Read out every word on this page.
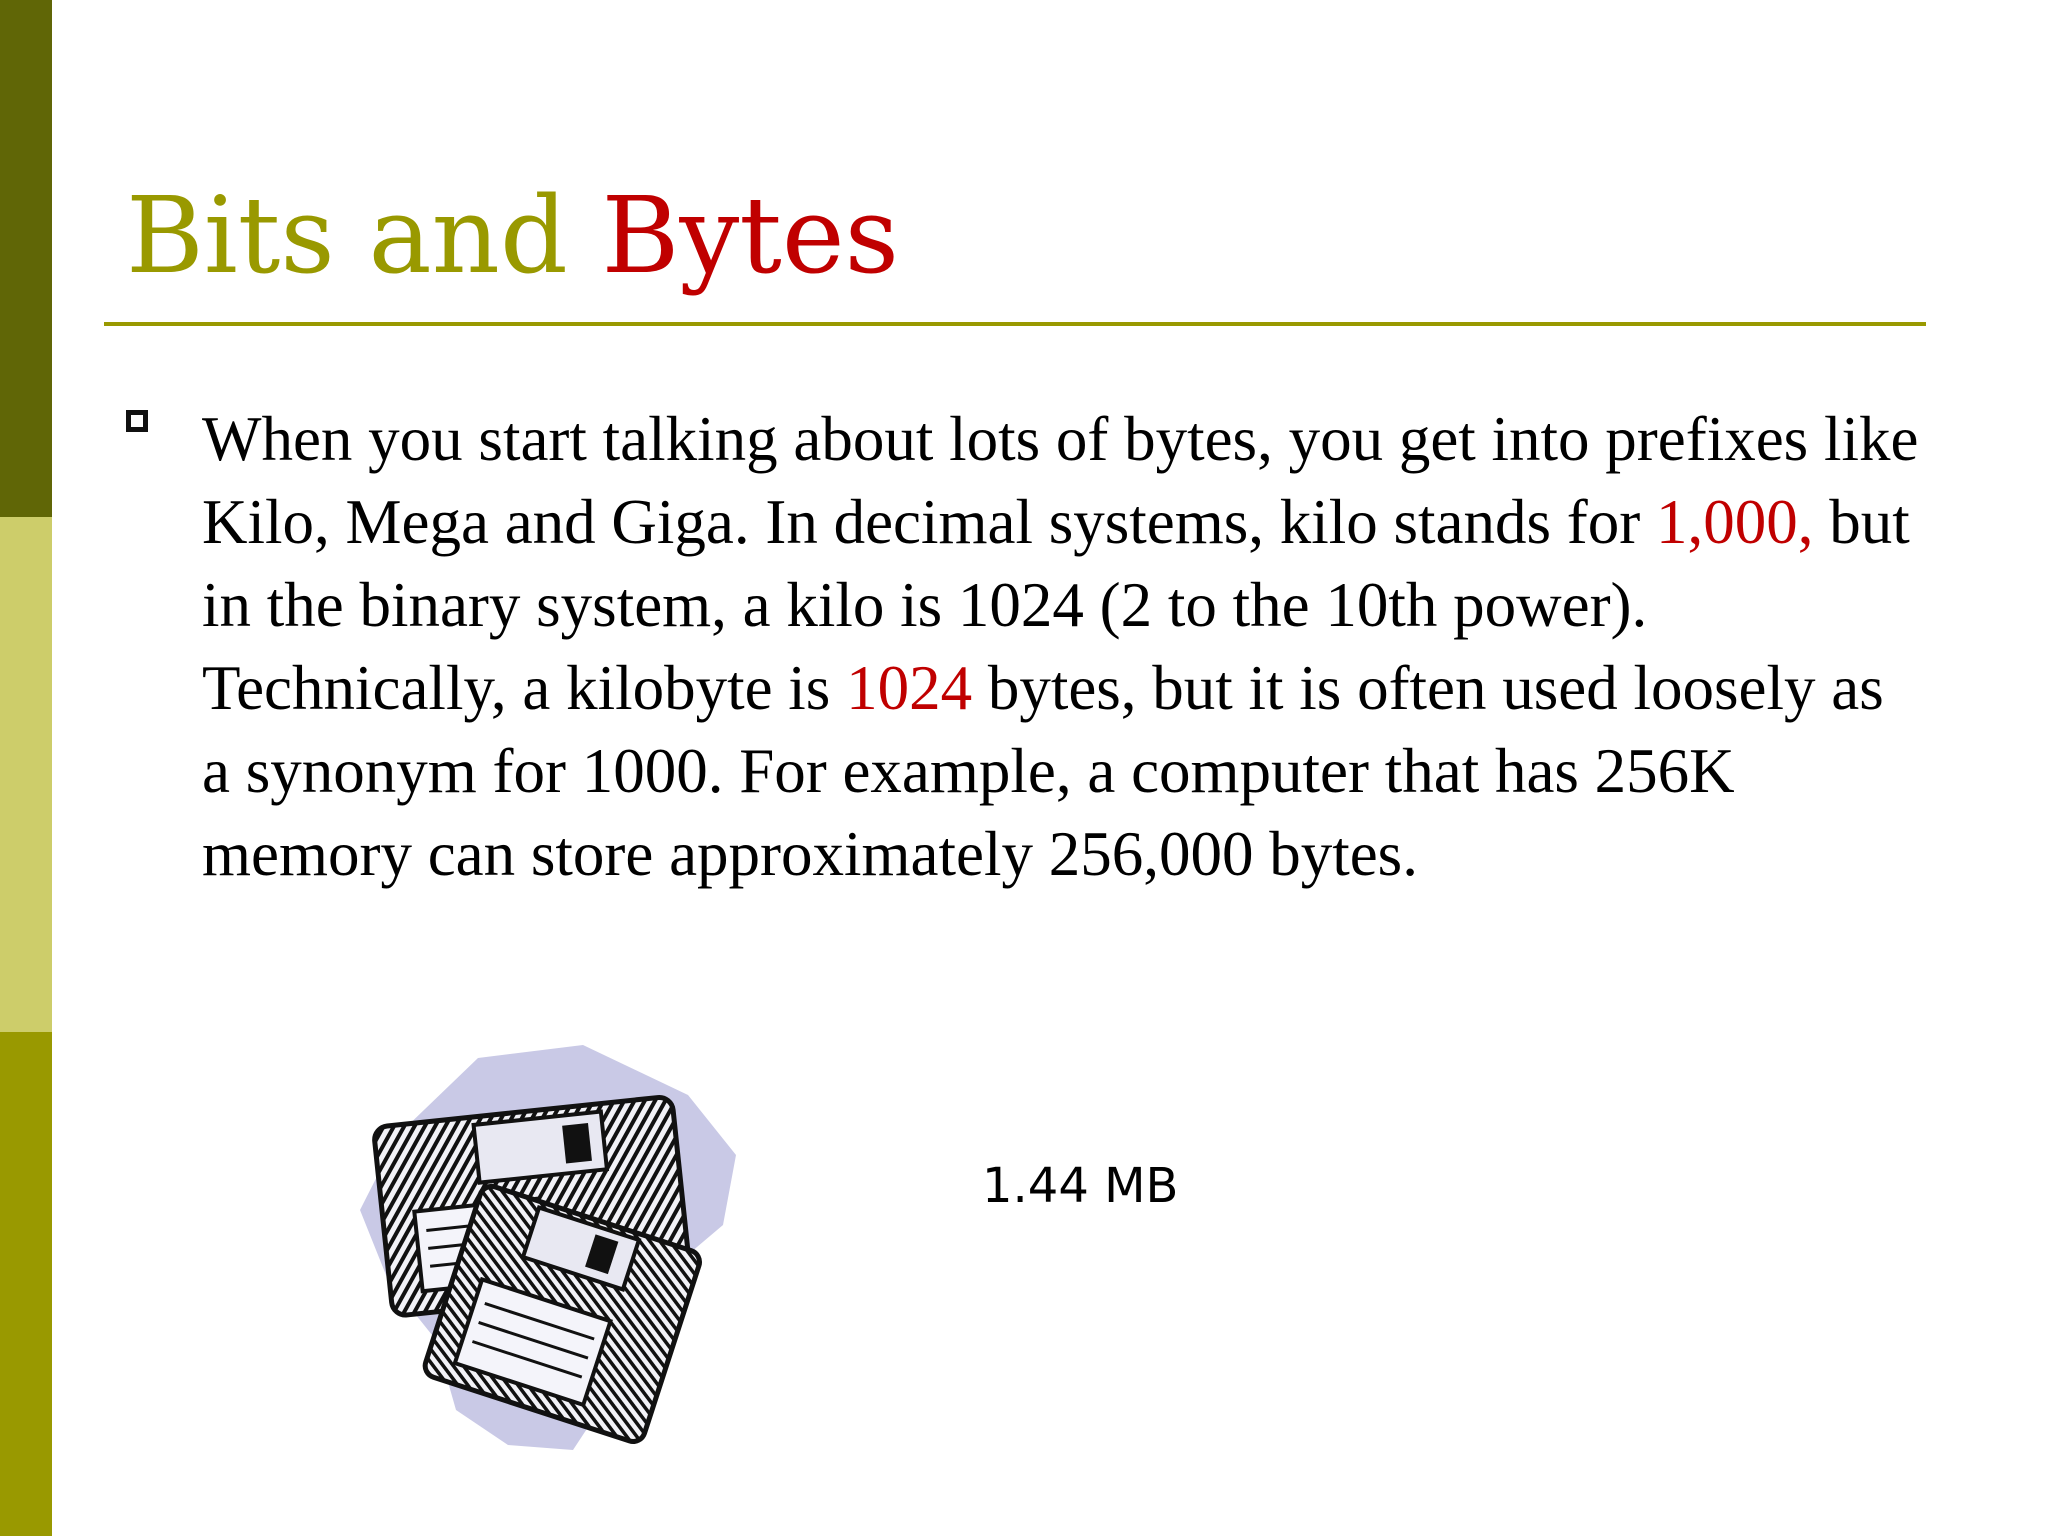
Bits and Bytes

When you start talking about lots of bytes, you get into prefixes like Kilo, Mega and Giga. In decimal systems, kilo stands for 1,000, but in the binary system, a kilo is 1024 (2 to the 10th power). Technically, a kilobyte is 1024 bytes, but it is often used loosely as a synonym for 1000. For example, a computer that has 256K memory can store approximately 256,000 bytes.

1.44 MB
